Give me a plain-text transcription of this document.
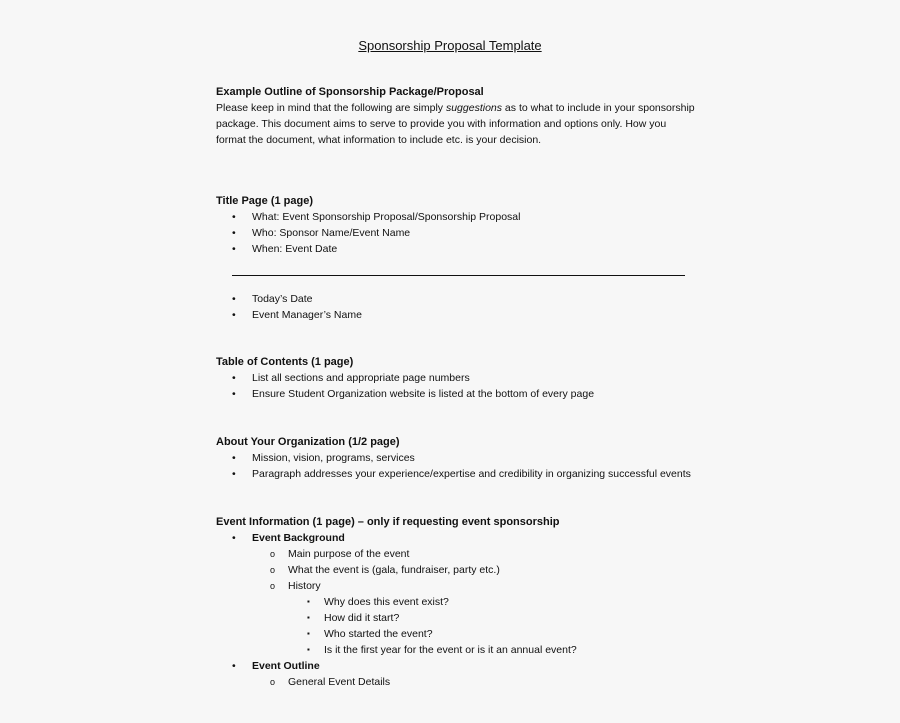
Sponsorship Proposal Template
Example Outline of Sponsorship Package/Proposal

Please keep in mind that the following are simply suggestions as to what to include in your sponsorship package. This document aims to serve to provide you with information and options only. How you format the document, what information to include etc. is your decision.

Title Page (1 page)
• What: Event Sponsorship Proposal/Sponsorship Proposal
• Who: Sponsor Name/Event Name
• When: Event Date
• Today’s Date
• Event Manager’s Name
Table of Contents (1 page)
• List all sections and appropriate page numbers
• Ensure Student Organization website is listed at the bottom of every page
About Your Organization (1/2 page)
• Mission, vision, programs, services
• Paragraph addresses your experience/expertise and credibility in organizing successful events
Event Information (1 page) – only if requesting event sponsorship
• Event Background
o Main purpose of the event
o What the event is (gala, fundraiser, party etc.)
o History
▪ Why does this event exist?
▪ How did it start?
▪ Who started the event?
▪ Is it the first year for the event or is it an annual event?
• Event Outline
o General Event Details
